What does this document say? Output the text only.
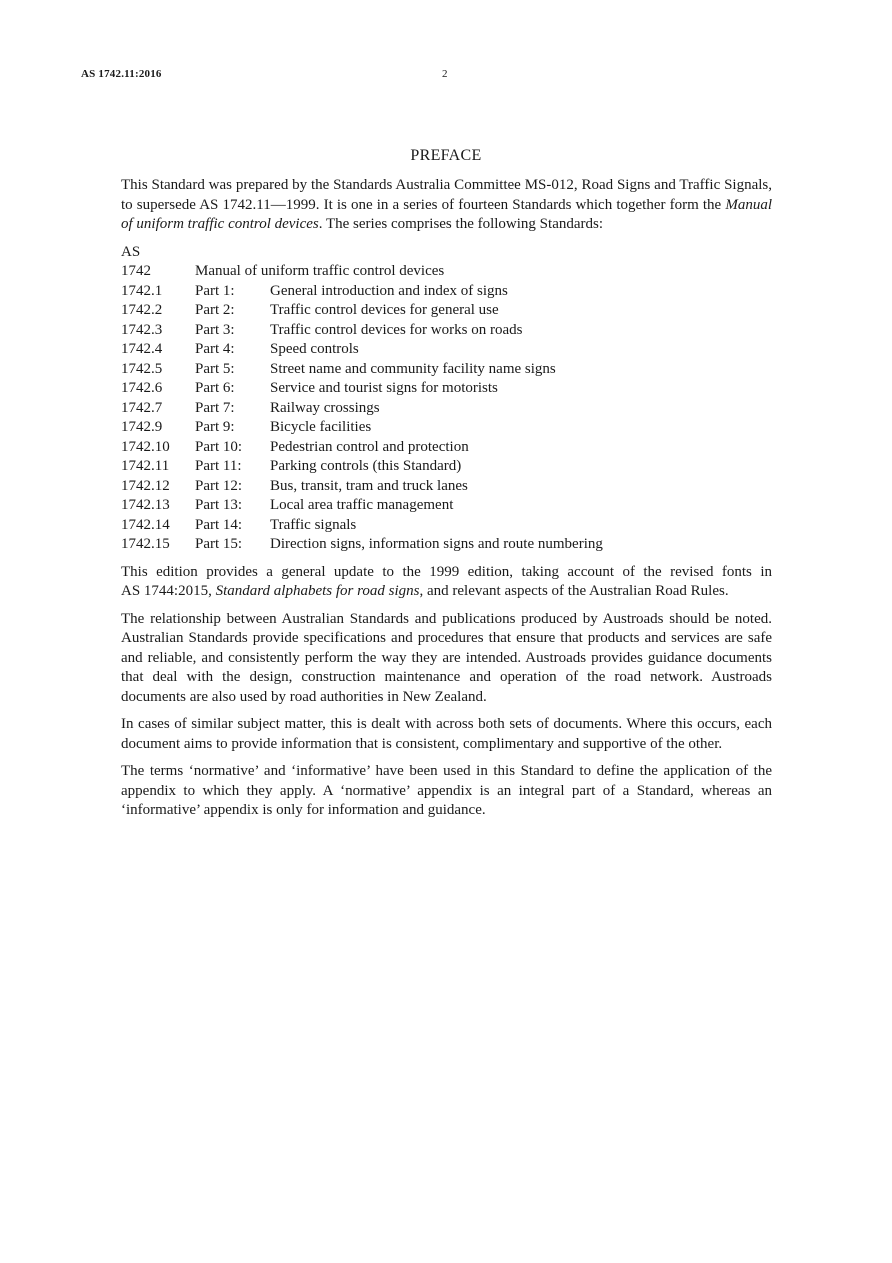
AS 1742.11:2016	2
PREFACE

This Standard was prepared by the Standards Australia Committee MS-012, Road Signs and Traffic Signals, to supersede AS 1742.11—1999. It is one in a series of fourteen Standards which together form the Manual of uniform traffic control devices. The series comprises the following Standards:

AS
1742	Manual of uniform traffic control devices
1742.1	Part 1:	General introduction and index of signs
1742.2	Part 2:	Traffic control devices for general use
1742.3	Part 3:	Traffic control devices for works on roads
1742.4	Part 4:	Speed controls
1742.5	Part 5:	Street name and community facility name signs
1742.6	Part 6:	Service and tourist signs for motorists
1742.7	Part 7:	Railway crossings
1742.9	Part 9:	Bicycle facilities
1742.10	Part 10:	Pedestrian control and protection
1742.11	Part 11:	Parking controls (this Standard)
1742.12	Part 12:	Bus, transit, tram and truck lanes
1742.13	Part 13:	Local area traffic management
1742.14	Part 14:	Traffic signals
1742.15	Part 15:	Direction signs, information signs and route numbering

This edition provides a general update to the 1999 edition, taking account of the revised fonts in AS 1744:2015, Standard alphabets for road signs, and relevant aspects of the Australian Road Rules.

The relationship between Australian Standards and publications produced by Austroads should be noted. Australian Standards provide specifications and procedures that ensure that products and services are safe and reliable, and consistently perform the way they are intended. Austroads provides guidance documents that deal with the design, construction maintenance and operation of the road network. Austroads documents are also used by road authorities in New Zealand.

In cases of similar subject matter, this is dealt with across both sets of documents. Where this occurs, each document aims to provide information that is consistent, complimentary and supportive of the other.

The terms ‘normative’ and ‘informative’ have been used in this Standard to define the application of the appendix to which they apply. A ‘normative’ appendix is an integral part of a Standard, whereas an ‘informative’ appendix is only for information and guidance.
